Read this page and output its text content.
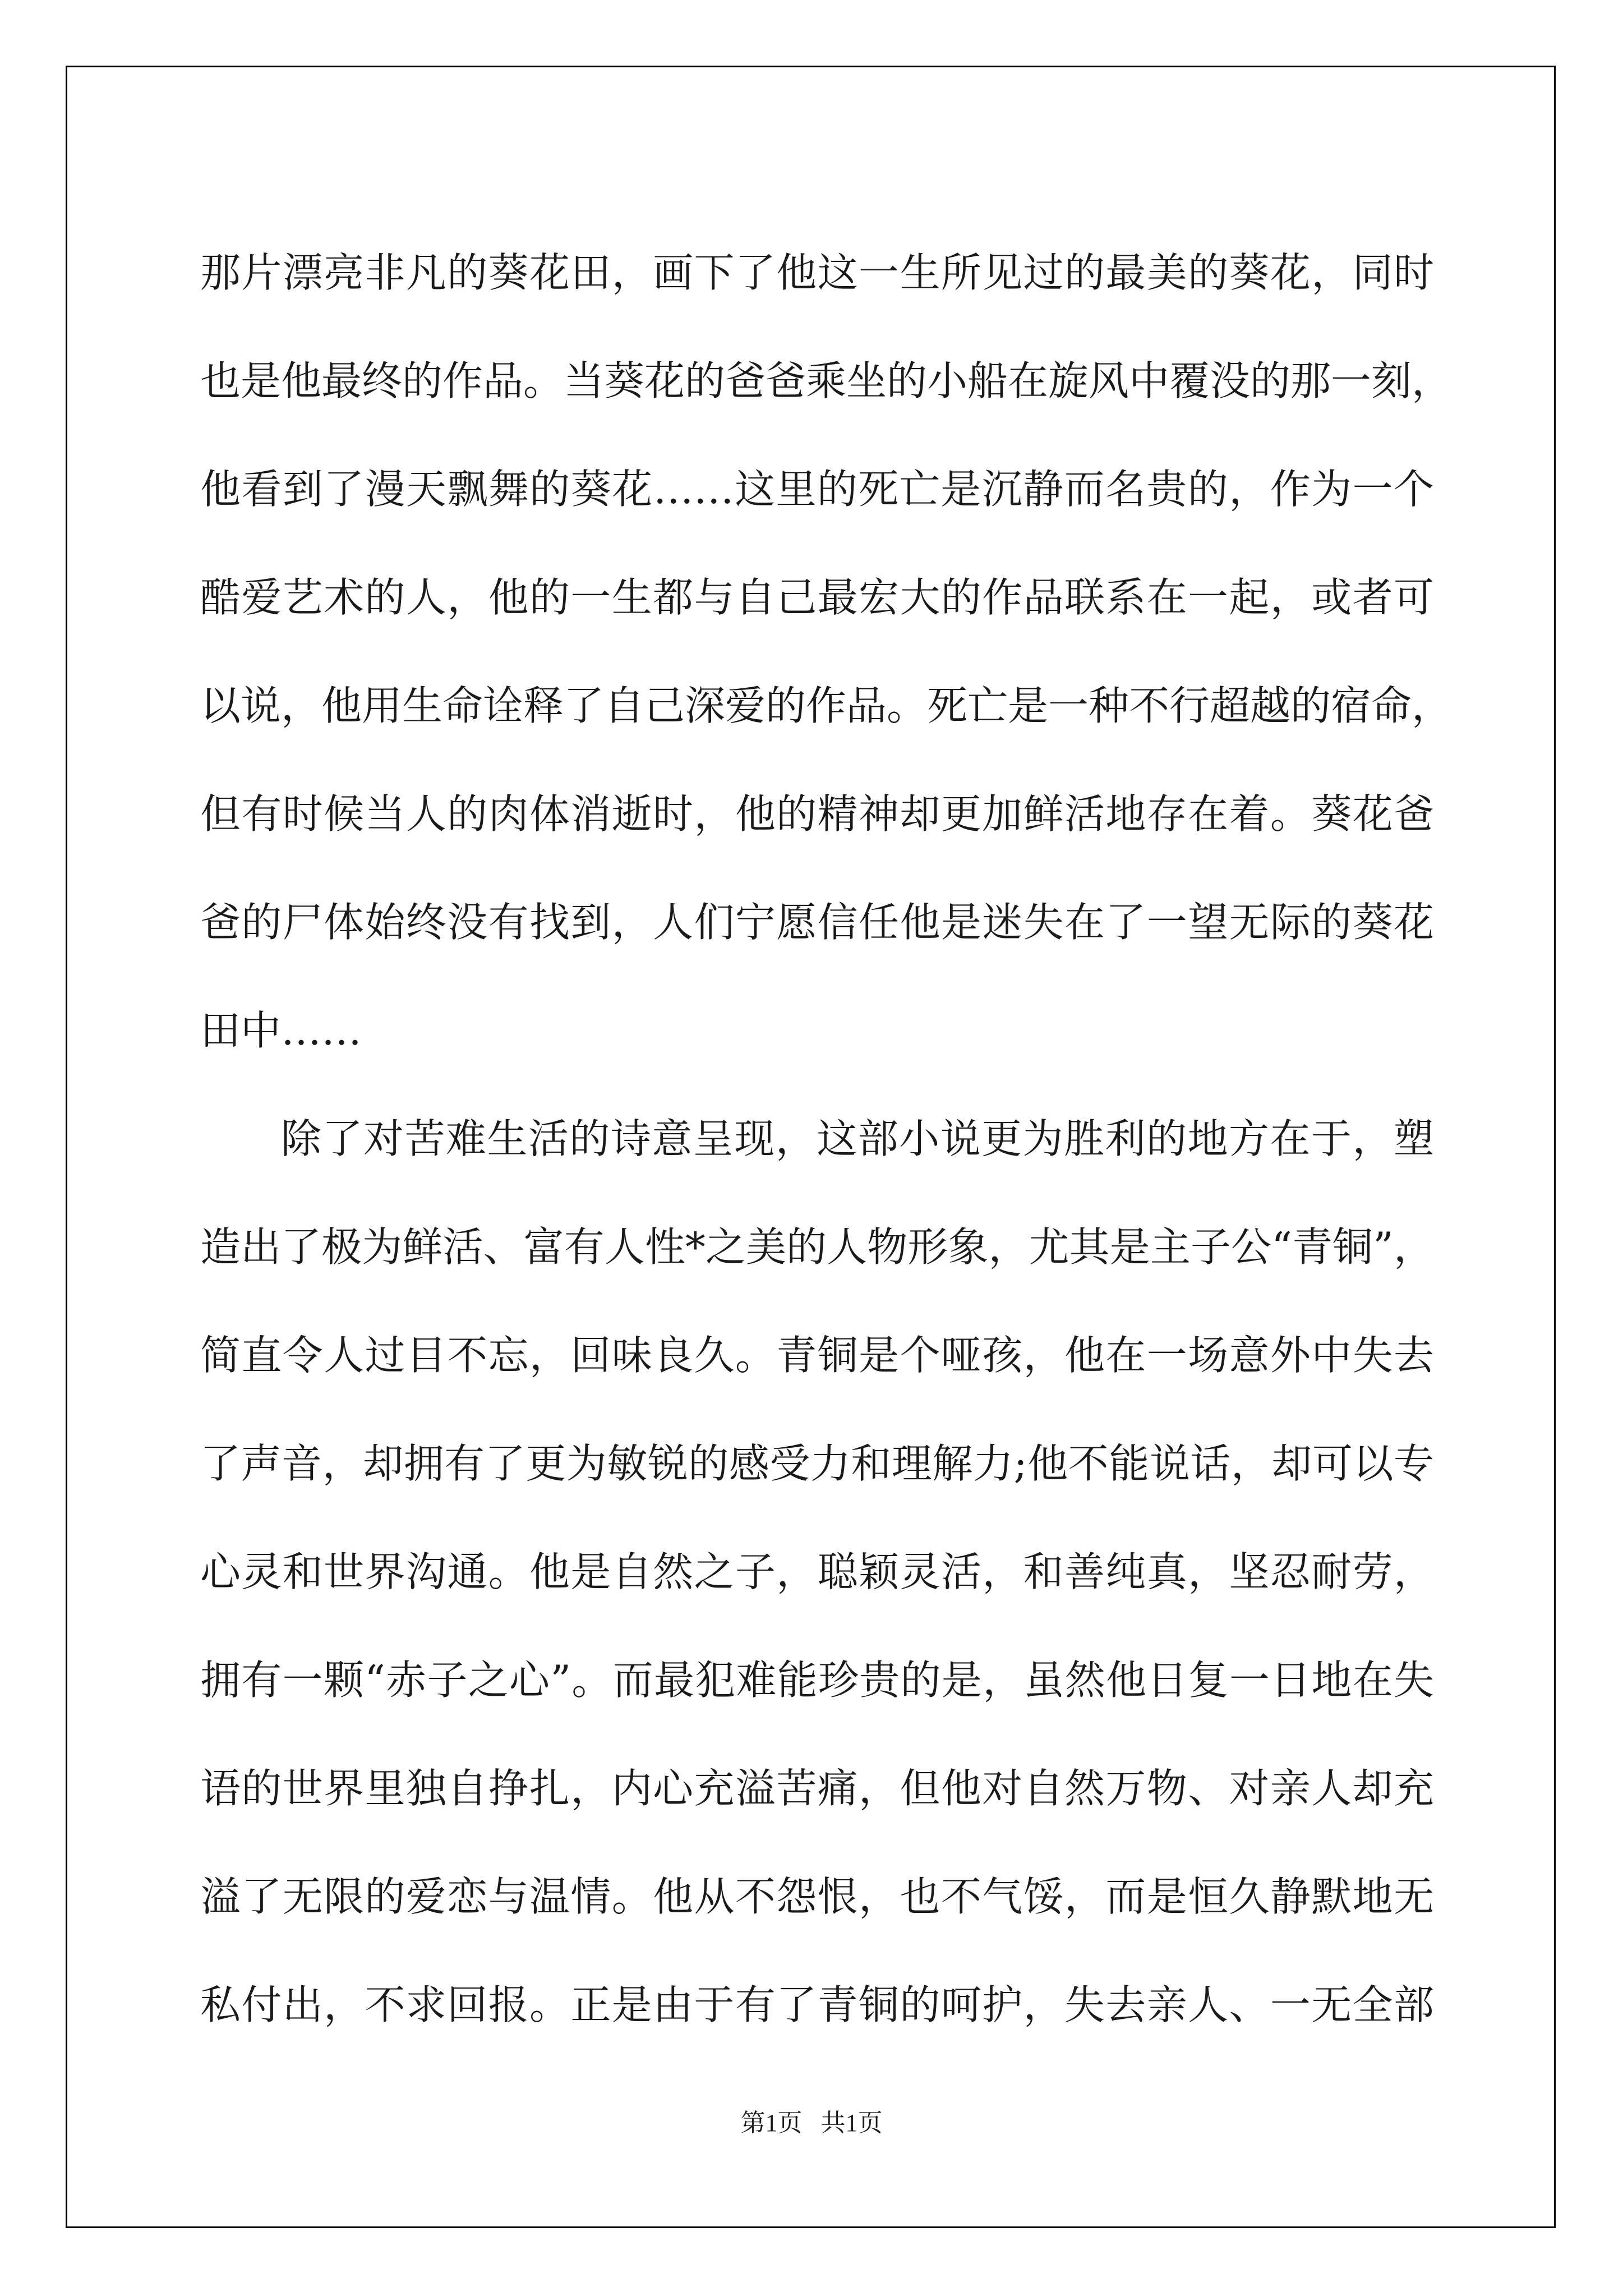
那片漂亮非凡的葵花田，画下了他这一生所见过的最美的葵花，同时
也是他最终的作品。当葵花的爸爸乘坐的小船在旋风中覆没的那一刻，
他看到了漫天飘舞的葵花……这里的死亡是沉静而名贵的，作为一个
酷爱艺术的人，他的一生都与自己最宏大的作品联系在一起，或者可
以说，他用生命诠释了自己深爱的作品。死亡是一种不行超越的宿命，
但有时候当人的肉体消逝时，他的精神却更加鲜活地存在着。葵花爸
爸的尸体始终没有找到，人们宁愿信任他是迷失在了一望无际的葵花
田中……
除了对苦难生活的诗意呈现，这部小说更为胜利的地方在于，塑
造出了极为鲜活、富有人性*之美的人物形象，尤其是主子公“青铜”，
简直令人过目不忘，回味良久。青铜是个哑孩，他在一场意外中失去
了声音，却拥有了更为敏锐的感受力和理解力;他不能说话，却可以专
心灵和世界沟通。他是自然之子，聪颖灵活，和善纯真，坚忍耐劳，
拥有一颗“赤子之心”。而最犯难能珍贵的是，虽然他日复一日地在失
语的世界里独自挣扎，内心充溢苦痛，但他对自然万物、对亲人却充
溢了无限的爱恋与温情。他从不怨恨，也不气馁，而是恒久静默地无
私付出，不求回报。正是由于有了青铜的呵护，失去亲人、一无全部
第1页   共1页
